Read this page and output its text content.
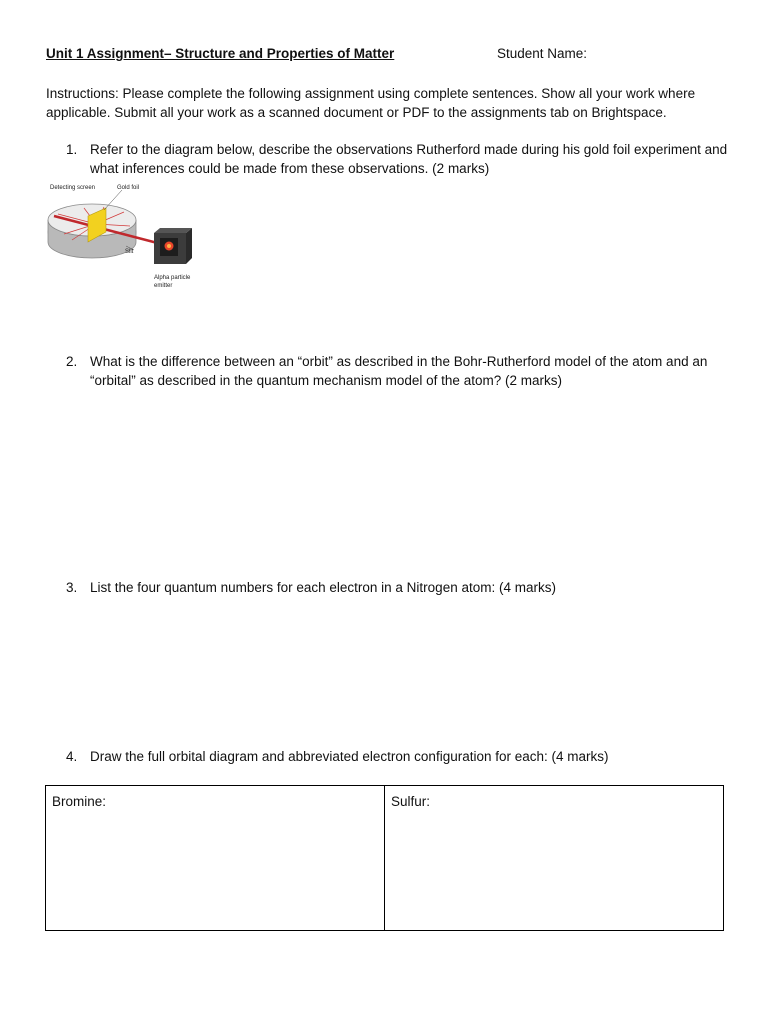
Unit 1 Assignment– Structure and Properties of Matter	Student Name:
Instructions: Please complete the following assignment using complete sentences. Show all your work where applicable. Submit all your work as a scanned document or PDF to the assignments tab on Brightspace.
1. Refer to the diagram below, describe the observations Rutherford made during his gold foil experiment and what inferences could be made from these observations. (2 marks)
Detecting screen	Gold foil
Slit
Alpha particle
emitter
2. What is the difference between an “orbit” as described in the Bohr-Rutherford model of the atom and an “orbital” as described in the quantum mechanism model of the atom? (2 marks)
3. List the four quantum numbers for each electron in a Nitrogen atom: (4 marks)
4. Draw the full orbital diagram and abbreviated electron configuration for each: (4 marks)
Bromine:	Sulfur:
